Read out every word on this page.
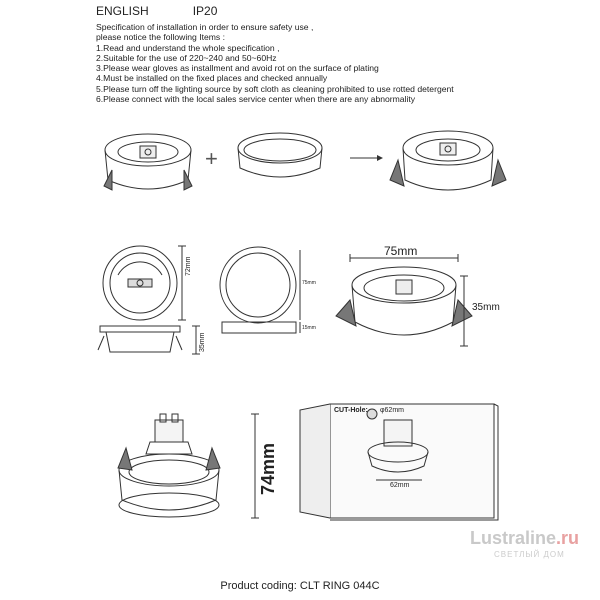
ENGLISH	IP20
Specification of installation in order to ensure safety use ,
please notice the following Items :
1.Read and understand the whole specification ,
2.Suitable for the use of 220~240 and 50~60Hz
3.Please wear gloves as installment and avoid rot on the surface of plating
4.Must be installed on the fixed places and checked annually
5.Please turn off the lighting source by soft cloth as cleaning prohibited to use rotted detergent
6.Please connect with the local sales service center when there are any abnormality
75mm
35mm
72mm
35mm
75mm
15mm
74mm
CUT-Hole: φ62mm
62mm
+
Lustraline.ru
СВЕТЛЫЙ ДОМ
Product coding: CLT RING 044C
